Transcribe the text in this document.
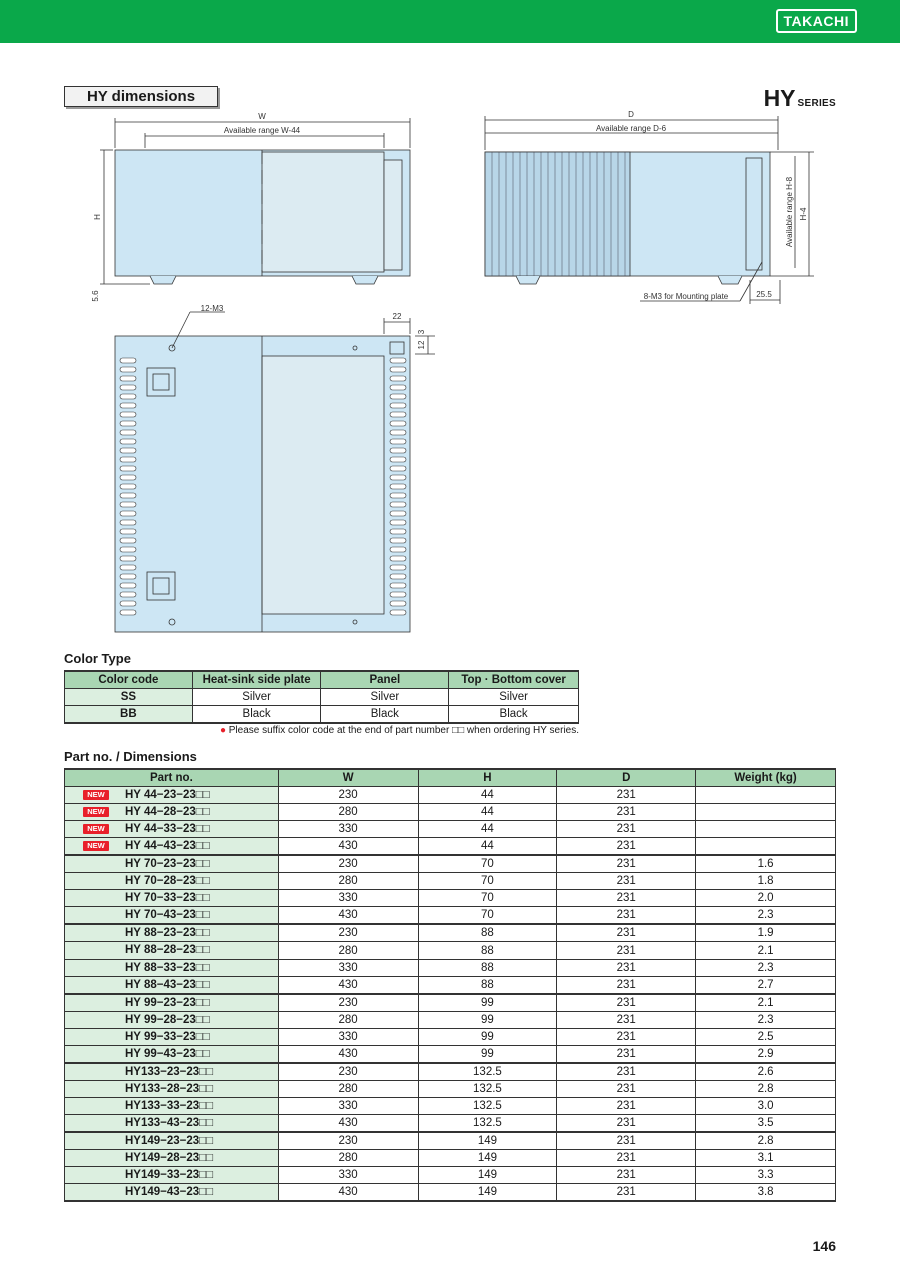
TAKACHI
HY dimensions	HY SERIES
W
Available range W-44
H
5.6
D
Available range D-6
Available range H-8 H-4
8-M3 for Mounting plate	25.5
12-M3
22
12
3
Color Type
Color code	Heat-sink side plate	Panel	Top · Bottom cover
SS	Silver	Silver	Silver
BB	Black	Black	Black
● Please suffix color code at the end of part number □□ when ordering HY series.
Part no. / Dimensions
Part no.	W	H	D	Weight (kg)
NEW HY 44−23−23□□	230	44	231	
NEW HY 44−28−23□□	280	44	231	
NEW HY 44−33−23□□	330	44	231	
NEW HY 44−43−23□□	430	44	231	

HY 70−23−23□□	230	70	231	1.6

HY 70−28−23□□	280	70	231	1.8

HY 70−33−23□□	330	70	231	2.0

HY 70−43−23□□	430	70	231	2.3

HY 88−23−23□□	230	88	231	1.9

HY 88−28−23□□	280	88	231	2.1

HY 88−33−23□□	330	88	231	2.3

HY 88−43−23□□	430	88	231	2.7

HY 99−23−23□□	230	99	231	2.1

HY 99−28−23□□	280	99	231	2.3

HY 99−33−23□□	330	99	231	2.5

HY 99−43−23□□	430	99	231	2.9

HY133−23−23□□	230	132.5	231	2.6

HY133−28−23□□	280	132.5	231	2.8

HY133−33−23□□	330	132.5	231	3.0

HY133−43−23□□	430	132.5	231	3.5

HY149−23−23□□	230	149	231	2.8

HY149−28−23□□	280	149	231	3.1

HY149−33−23□□	330	149	231	3.3

HY149−43−23□□	430	149	231	3.8
146
